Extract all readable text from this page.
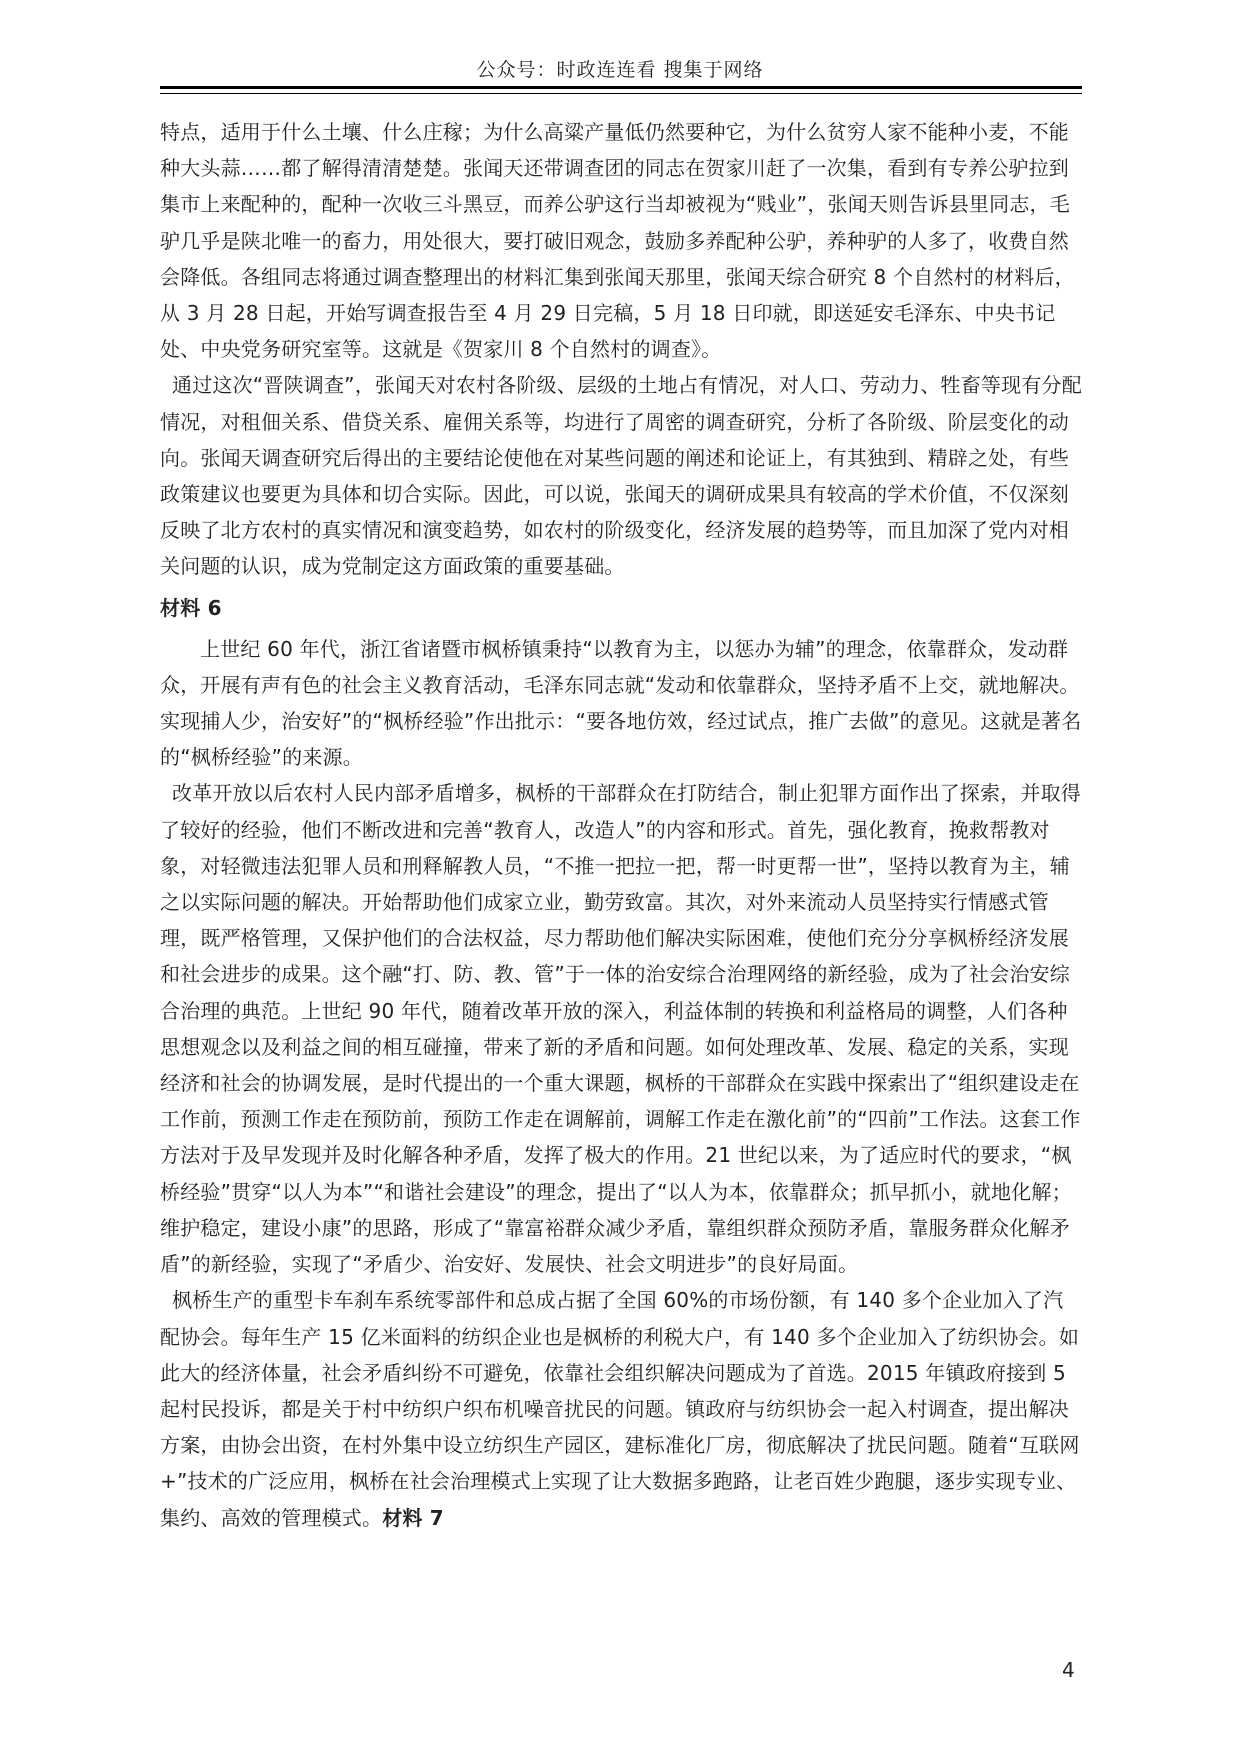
公众号：时政连连看 搜集于网络

特点，适用于什么土壤、什么庄稼；为什么高粱产量低仍然要种它，为什么贫穷人家不能种小麦，不能种大头蒜……都了解得清清楚楚。张闻天还带调查团的同志在贺家川赶了一次集，看到有专养公驴拉到集市上来配种的，配种一次收三斗黑豆，而养公驴这行当却被视为“贱业”，张闻天则告诉县里同志，毛驴几乎是陕北唯一的畜力，用处很大，要打破旧观念，鼓励多养配种公驴，养种驴的人多了，收费自然会降低。各组同志将通过调查整理出的材料汇集到张闻天那里，张闻天综合研究 8 个自然村的材料后，从 3 月 28 日起，开始写调查报告至 4 月 29 日完稿，5 月 18 日印就，即送延安毛泽东、中央书记处、中央党务研究室等。这就是《贺家川 8 个自然村的调查》。

通过这次“晋陕调查”，张闻天对农村各阶级、层级的土地占有情况，对人口、劳动力、牲畜等现有分配情况，对租佃关系、借贷关系、雇佣关系等，均进行了周密的调查研究，分析了各阶级、阶层变化的动向。张闻天调查研究后得出的主要结论使他在对某些问题的阐述和论证上，有其独到、精辟之处，有些政策建议也要更为具体和切合实际。因此，可以说，张闻天的调研成果具有较高的学术价值，不仅深刻反映了北方农村的真实情况和演变趋势，如农村的阶级变化，经济发展的趋势等，而且加深了党内对相关问题的认识，成为党制定这方面政策的重要基础。

材料 6

上世纪 60 年代，浙江省诸暨市枫桥镇秉持“以教育为主，以惩办为辅”的理念，依靠群众，发动群众，开展有声有色的社会主义教育活动，毛泽东同志就“发动和依靠群众，坚持矛盾不上交，就地解决。实现捕人少，治安好”的“枫桥经验”作出批示：“要各地仿效，经过试点，推广去做”的意见。这就是著名的“枫桥经验”的来源。

改革开放以后农村人民内部矛盾增多，枫桥的干部群众在打防结合，制止犯罪方面作出了探索，并取得了较好的经验，他们不断改进和完善“教育人，改造人”的内容和形式。首先，强化教育，挽救帮教对象，对轻微违法犯罪人员和刑释解教人员，“不推一把拉一把，帮一时更帮一世”，坚持以教育为主，辅之以实际问题的解决。开始帮助他们成家立业，勤劳致富。其次，对外来流动人员坚持实行情感式管理，既严格管理，又保护他们的合法权益，尽力帮助他们解决实际困难，使他们充分分享枫桥经济发展和社会进步的成果。这个融“打、防、教、管”于一体的治安综合治理网络的新经验，成为了社会治安综合治理的典范。上世纪 90 年代，随着改革开放的深入，利益体制的转换和利益格局的调整，人们各种思想观念以及利益之间的相互碰撞，带来了新的矛盾和问题。如何处理改革、发展、稳定的关系，实现经济和社会的协调发展，是时代提出的一个重大课题，枫桥的干部群众在实践中探索出了“组织建设走在工作前，预测工作走在预防前，预防工作走在调解前，调解工作走在激化前”的“四前”工作法。这套工作方法对于及早发现并及时化解各种矛盾，发挥了极大的作用。21 世纪以来，为了适应时代的要求，“枫桥经验”贯穿“以人为本”“和谐社会建设”的理念，提出了“以人为本，依靠群众；抓早抓小，就地化解；维护稳定，建设小康”的思路，形成了“靠富裕群众减少矛盾，靠组织群众预防矛盾，靠服务群众化解矛盾”的新经验，实现了“矛盾少、治安好、发展快、社会文明进步”的良好局面。

枫桥生产的重型卡车刹车系统零部件和总成占据了全国 60%的市场份额，有 140 多个企业加入了汽配协会。每年生产 15 亿米面料的纺织企业也是枫桥的利税大户，有 140 多个企业加入了纺织协会。如此大的经济体量，社会矛盾纠纷不可避免，依靠社会组织解决问题成为了首选。2015 年镇政府接到 5 起村民投诉，都是关于村中纺织户织布机噪音扰民的问题。镇政府与纺织协会一起入村调查，提出解决方案，由协会出资，在村外集中设立纺织生产园区，建标准化厂房，彻底解决了扰民问题。随着“互联网+”技术的广泛应用，枫桥在社会治理模式上实现了让大数据多跑路，让老百姓少跑腿，逐步实现专业、集约、高效的管理模式。材料 7

4
